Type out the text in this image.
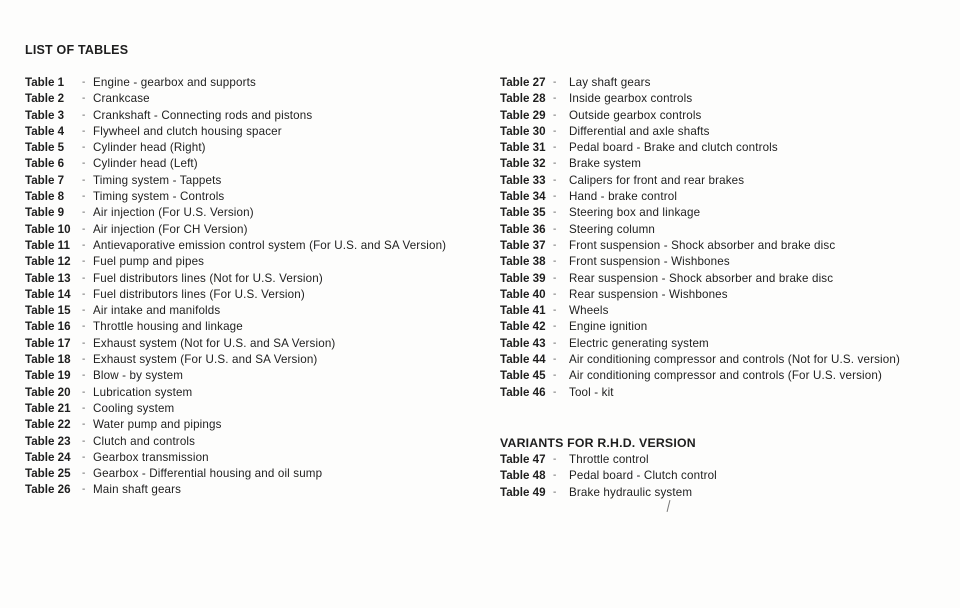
LIST OF TABLES
Table 1 - Engine - gearbox and supports
Table 2 - Crankcase
Table 3 - Crankshaft - Connecting rods and pistons
Table 4 - Flywheel and clutch housing spacer
Table 5 - Cylinder head (Right)
Table 6 - Cylinder head (Left)
Table 7 - Timing system - Tappets
Table 8 - Timing system - Controls
Table 9 - Air injection (For U.S. Version)
Table 10 - Air injection (For CH Version)
Table 11 - Antievaporative emission control system (For U.S. and SA Version)
Table 12 - Fuel pump and pipes
Table 13 - Fuel distributors lines (Not for U.S. Version)
Table 14 - Fuel distributors lines (For U.S. Version)
Table 15 - Air intake and manifolds
Table 16 - Throttle housing and linkage
Table 17 - Exhaust system (Not for U.S. and SA Version)
Table 18 - Exhaust system (For U.S. and SA Version)
Table 19 - Blow - by system
Table 20 - Lubrication system
Table 21 - Cooling system
Table 22 - Water pump and pipings
Table 23 - Clutch and controls
Table 24 - Gearbox transmission
Table 25 - Gearbox - Differential housing and oil sump
Table 26 - Main shaft gears
Table 27 - Lay shaft gears
Table 28 - Inside gearbox controls
Table 29 - Outside gearbox controls
Table 30 - Differential and axle shafts
Table 31 - Pedal board - Brake and clutch controls
Table 32 - Brake system
Table 33 - Calipers for front and rear brakes
Table 34 - Hand - brake control
Table 35 - Steering box and linkage
Table 36 - Steering column
Table 37 - Front suspension - Shock absorber and brake disc
Table 38 - Front suspension - Wishbones
Table 39 - Rear suspension - Shock absorber and brake disc
Table 40 - Rear suspension - Wishbones
Table 41 - Wheels
Table 42 - Engine ignition
Table 43 - Electric generating system
Table 44 - Air conditioning compressor and controls (Not for U.S. version)
Table 45 - Air conditioning compressor and controls (For U.S. version)
Table 46 - Tool - kit
VARIANTS FOR R.H.D. VERSION
Table 47 - Throttle control
Table 48 - Pedal board - Clutch control
Table 49 - Brake hydraulic system
